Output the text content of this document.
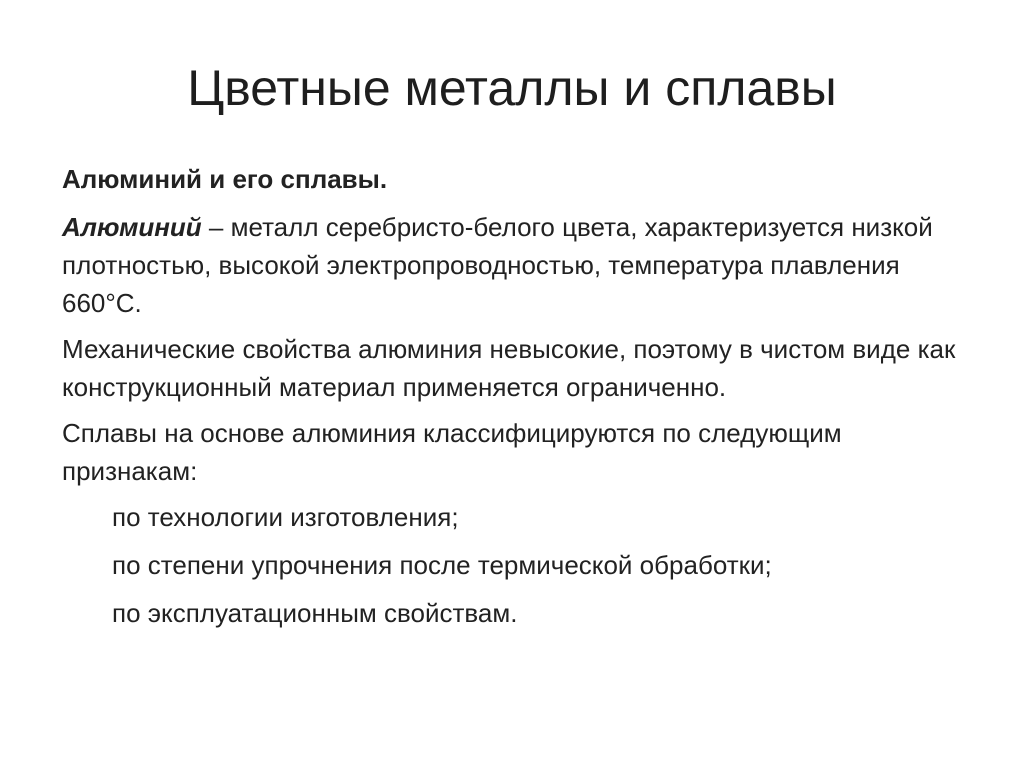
Цветные металлы и сплавы

Алюминий и его сплавы.

Алюминий – металл серебристо-белого цвета, характеризуется низкой плотностью, высокой электропроводностью, температура плавления 660°С.

Механические свойства алюминия невысокие, поэтому в чистом виде как конструкционный материал применяется ограниченно.

Сплавы на основе алюминия классифицируются по следующим признакам:

по технологии изготовления;
по степени упрочнения после термической обработки;
по эксплуатационным свойствам.
